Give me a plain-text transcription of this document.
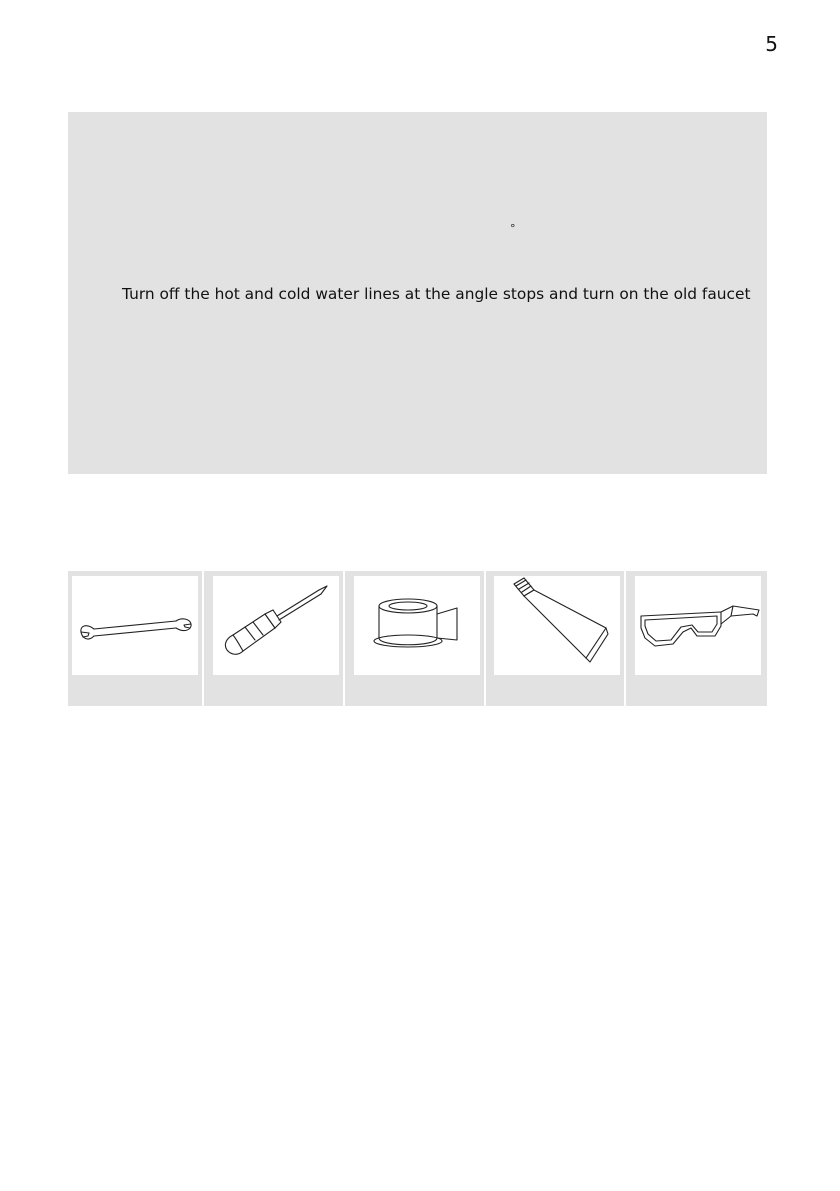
5
°
Turn off the hot and cold water lines at the angle stops and turn on the old faucet
